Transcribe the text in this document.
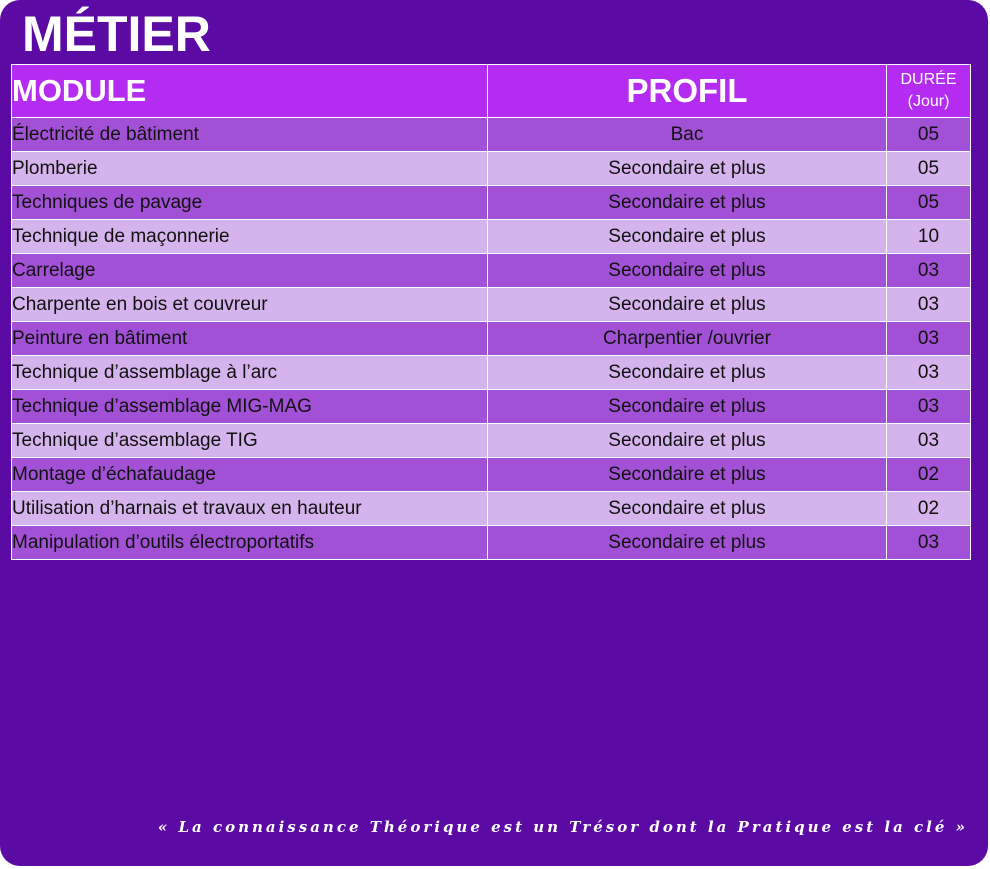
MÉTIER
MODULE	PROFIL	DURÉE
(Jour)

Électricité de bâtiment	Bac	05
Plomberie	Secondaire et plus	05
Techniques de pavage	Secondaire et plus	05
Technique de maçonnerie	Secondaire et plus	10
Carrelage	Secondaire et plus	03
Charpente en bois et couvreur	Secondaire et plus	03
Peinture en bâtiment	Charpentier /ouvrier	03
Technique d’assemblage à l’arc	Secondaire et plus	03
Technique d’assemblage MIG-MAG	Secondaire et plus	03
Technique d’assemblage TIG	Secondaire et plus	03
Montage d’échafaudage	Secondaire et plus	02
Utilisation d’harnais et travaux en hauteur	Secondaire et plus	02
Manipulation d’outils électroportatifs	Secondaire et plus	03
« La connaissance Théorique est un Trésor dont la Pratique est la clé »
